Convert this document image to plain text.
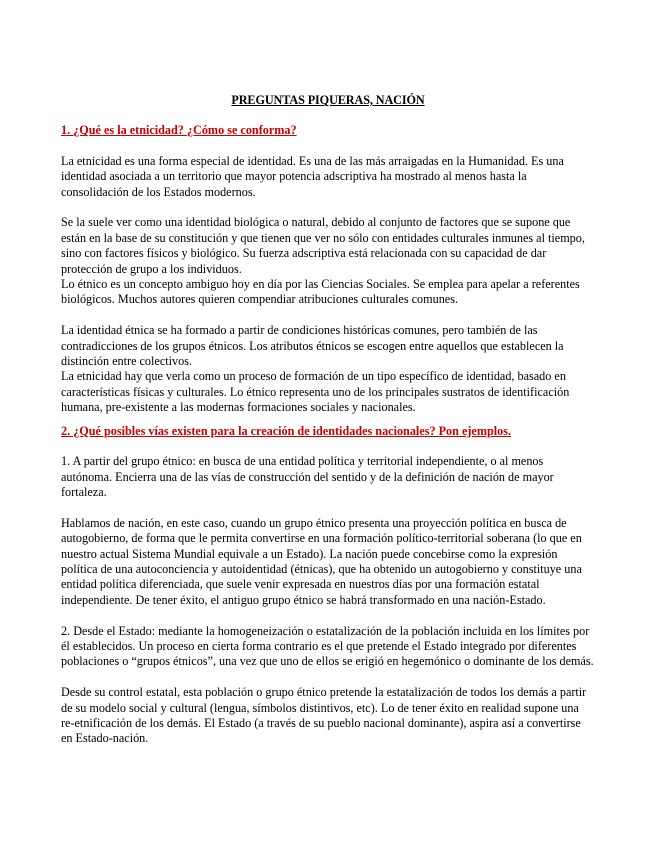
PREGUNTAS PIQUERAS, NACIÓN
1. ¿Qué es la etnicidad? ¿Cómo se conforma?

La etnicidad es una forma especial de identidad. Es una de las más arraigadas en la Humanidad. Es una identidad asociada a un territorio que mayor potencia adscriptiva ha mostrado al menos hasta la consolidación de los Estados modernos.

Se la suele ver como una identidad biológica o natural, debido al conjunto de factores que se supone que están en la base de su constitución y que tienen que ver no sólo con entidades culturales inmunes al tiempo, sino con factores físicos y biológico. Su fuerza adscriptiva está relacionada con su capacidad de dar protección de grupo a los individuos.

Lo étnico es un concepto ambiguo hoy en día por las Ciencias Sociales. Se emplea para apelar a referentes biológicos. Muchos autores quieren compendiar atribuciones culturales comunes.

La identidad étnica se ha formado a partir de condiciones históricas comunes, pero también de las contradicciones de los grupos étnicos. Los atributos étnicos se escogen entre aquellos que establecen la distinción entre colectivos.

La etnicidad hay que verla como un proceso de formación de un tipo específico de identidad, basado en características físicas y culturales. Lo étnico representa uno de los principales sustratos de identificación humana, pre-existente a las modernas formaciones sociales y nacionales.

2. ¿Qué posibles vías existen para la creación de identidades nacionales? Pon ejemplos.

1. A partir del grupo étnico: en busca de una entidad política y territorial independiente, o al menos autónoma. Encierra una de las vías de construcción del sentido y de la definición de nación de mayor fortaleza.

Hablamos de nación, en este caso, cuando un grupo étnico presenta una proyección política en busca de autogobierno, de forma que le permita convertirse en una formación político-territorial soberana (lo que en nuestro actual Sistema Mundial equivale a un Estado). La nación puede concebirse como la expresión política de una autoconciencia y autoidentidad (étnicas), que ha obtenido un autogobierno y constituye una entidad política diferenciada, que suele venir expresada en nuestros días por una formación estatal independiente. De tener éxito, el antiguo grupo étnico se habrá transformado en una nación-Estado.

2. Desde el Estado: mediante la homogeneización o estatalización de la población incluida en los límites por él establecidos. Un proceso en cierta forma contrario es el que pretende el Estado integrado por diferentes poblaciones o “grupos étnicos”, una vez que uno de ellos se erigió en hegemónico o dominante de los demás.

Desde su control estatal, esta población o grupo étnico pretende la estatalización de todos los demás a partir de su modelo social y cultural (lengua, símbolos distintivos, etc). Lo de tener éxito en realidad supone una re-etnificación de los demás. El Estado (a través de su pueblo nacional dominante), aspira así a convertirse en Estado-nación.
